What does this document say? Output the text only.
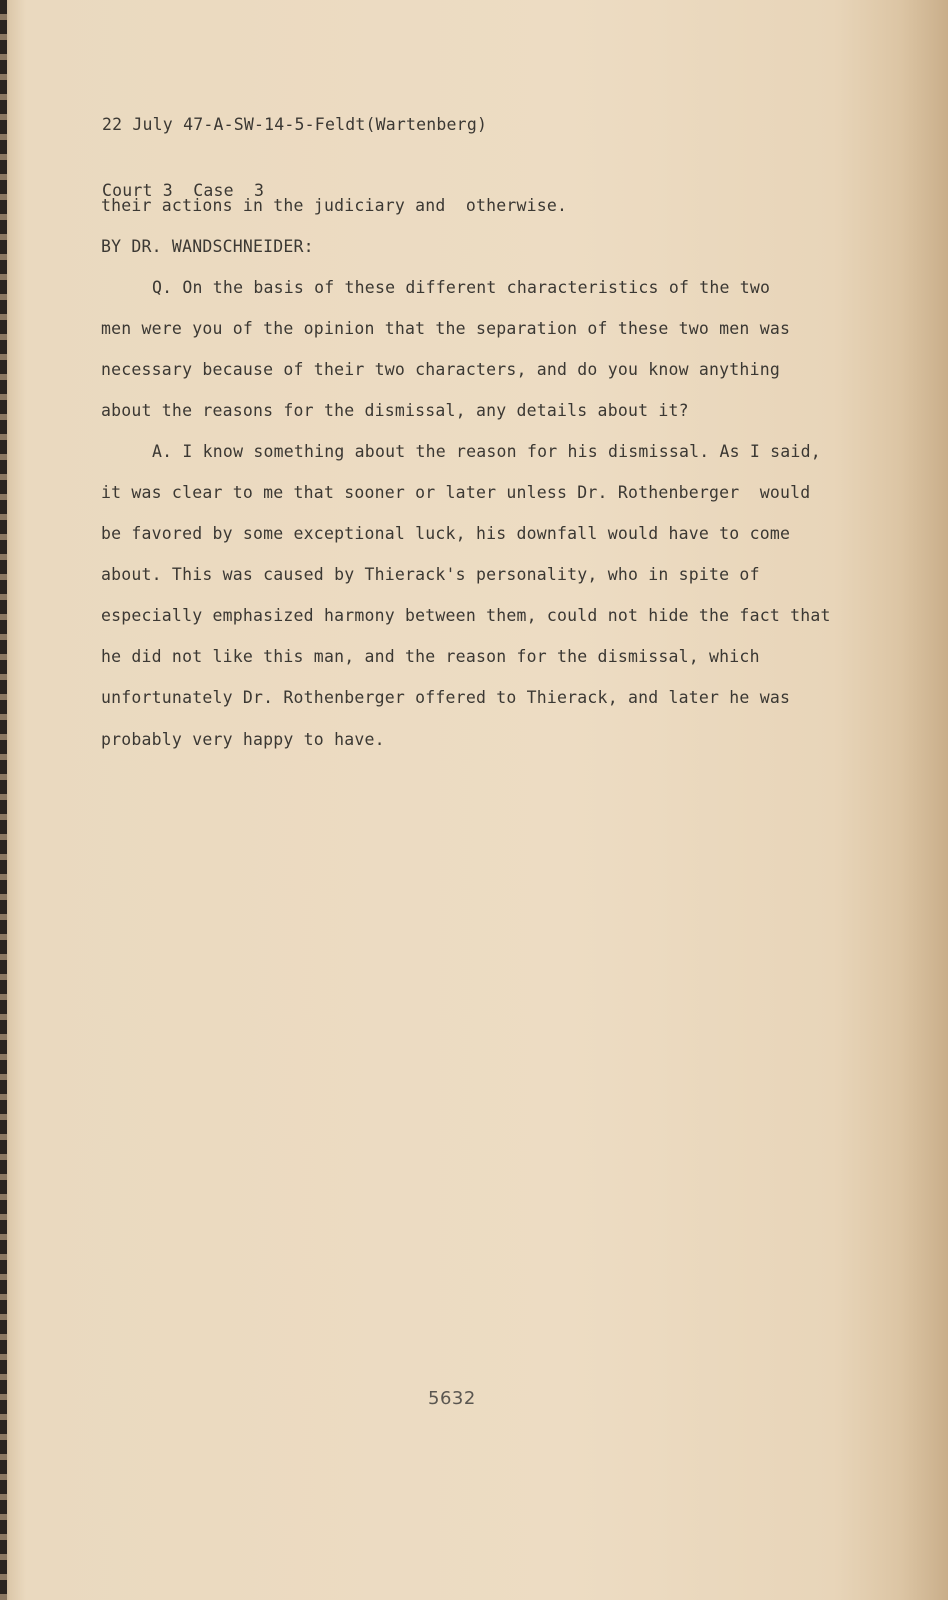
22 July 47-A-SW-14-5-Feldt(Wartenberg)

Court 3  Case  3

their actions in the judiciary and  otherwise.
BY DR. WANDSCHNEIDER:
Q. On the basis of these different characteristics of the two
men were you of the opinion that the separation of these two men was
necessary because of their two characters, and do you know anything
about the reasons for the dismissal, any details about it?
A. I know something about the reason for his dismissal. As I said,
it was clear to me that sooner or later unless Dr. Rothenberger  would
be favored by some exceptional luck, his downfall would have to come
about. This was caused by Thierack's personality, who in spite of
especially emphasized harmony between them, could not hide the fact that
he did not like this man, and the reason for the dismissal, which
unfortunately Dr. Rothenberger offered to Thierack, and later he was
probably very happy to have.
5632
